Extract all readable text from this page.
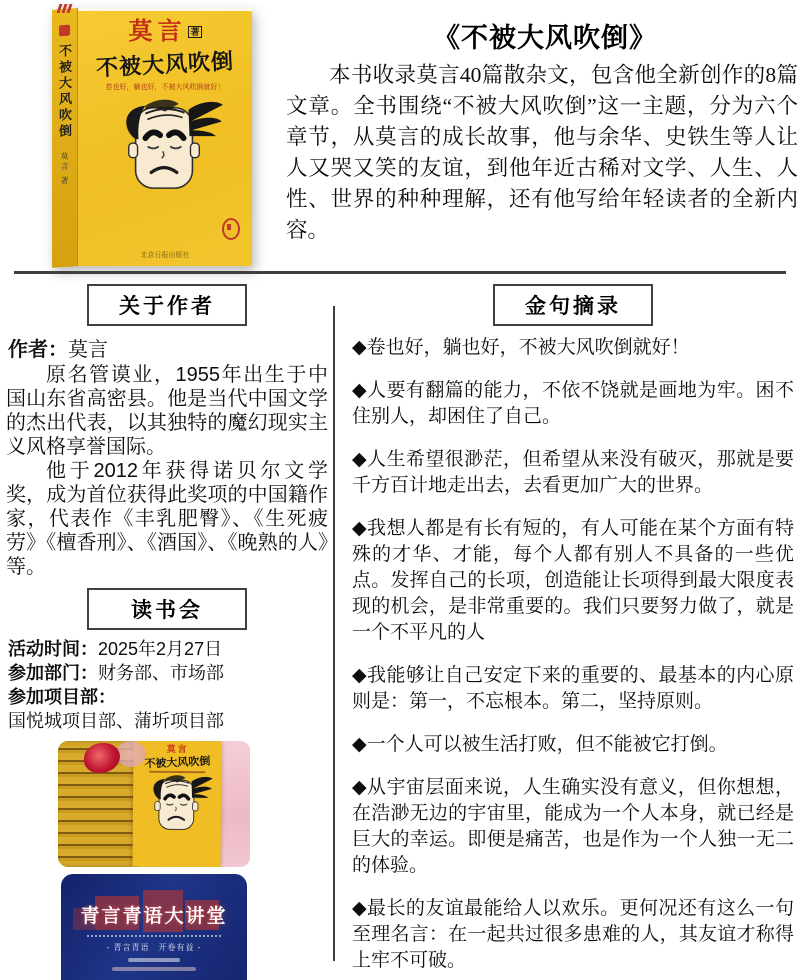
不被大风吹倒
莫言 著
莫言 著
不被大风吹倒
卷也好，躺也好，不被大风吹倒就好！
北京日报出版社
《不被大风吹倒》
本书收录莫言40篇散杂文，包含他全新创作的8篇文章。全书围绕“不被大风吹倒”这一主题，分为六个章节，从莫言的成长故事，他与余华、史铁生等人让人又哭又笑的友谊，到他年近古稀对文学、人生、人性、世界的种种理解，还有他写给年轻读者的全新内容。
关于作者
作者：莫言

原名管谟业，1955年出生于中国山东省高密县。他是当代中国文学的杰出代表，以其独特的魔幻现实主义风格享誉国际。

他于2012年获得诺贝尔文学奖，成为首位获得此奖项的中国籍作家，代表作《丰乳肥臀》、《生死疲劳》《檀香刑》、《酒国》、《晚熟的人》等。

读书会
活动时间：2025年2月27日
参加部门：财务部、市场部
参加项目部：
国悦城项目部、蒲圻项目部
莫言
不被大风吹倒
青言青语大讲堂
- 青言青语　开卷有益 -
金句摘录
◆卷也好，躺也好，不被大风吹倒就好！
◆人要有翻篇的能力，不依不饶就是画地为牢。困不住别人，却困住了自己。
◆人生希望很渺茫，但希望从来没有破灭，那就是要千方百计地走出去，去看更加广大的世界。
◆我想人都是有长有短的，有人可能在某个方面有特殊的才华、才能，每个人都有别人不具备的一些优点。发挥自己的长项，创造能让长项得到最大限度表现的机会，是非常重要的。我们只要努力做了，就是一个不平凡的人
◆我能够让自己安定下来的重要的、最基本的内心原则是：第一，不忘根本。第二，坚持原则。
◆一个人可以被生活打败，但不能被它打倒。
◆从宇宙层面来说，人生确实没有意义，但你想想，在浩渺无边的宇宙里，能成为一个人本身，就已经是巨大的幸运。即便是痛苦，也是作为一个人独一无二的体验。
◆最长的友谊最能给人以欢乐。更何况还有这么一句至理名言：在一起共过很多患难的人，其友谊才称得上牢不可破。
